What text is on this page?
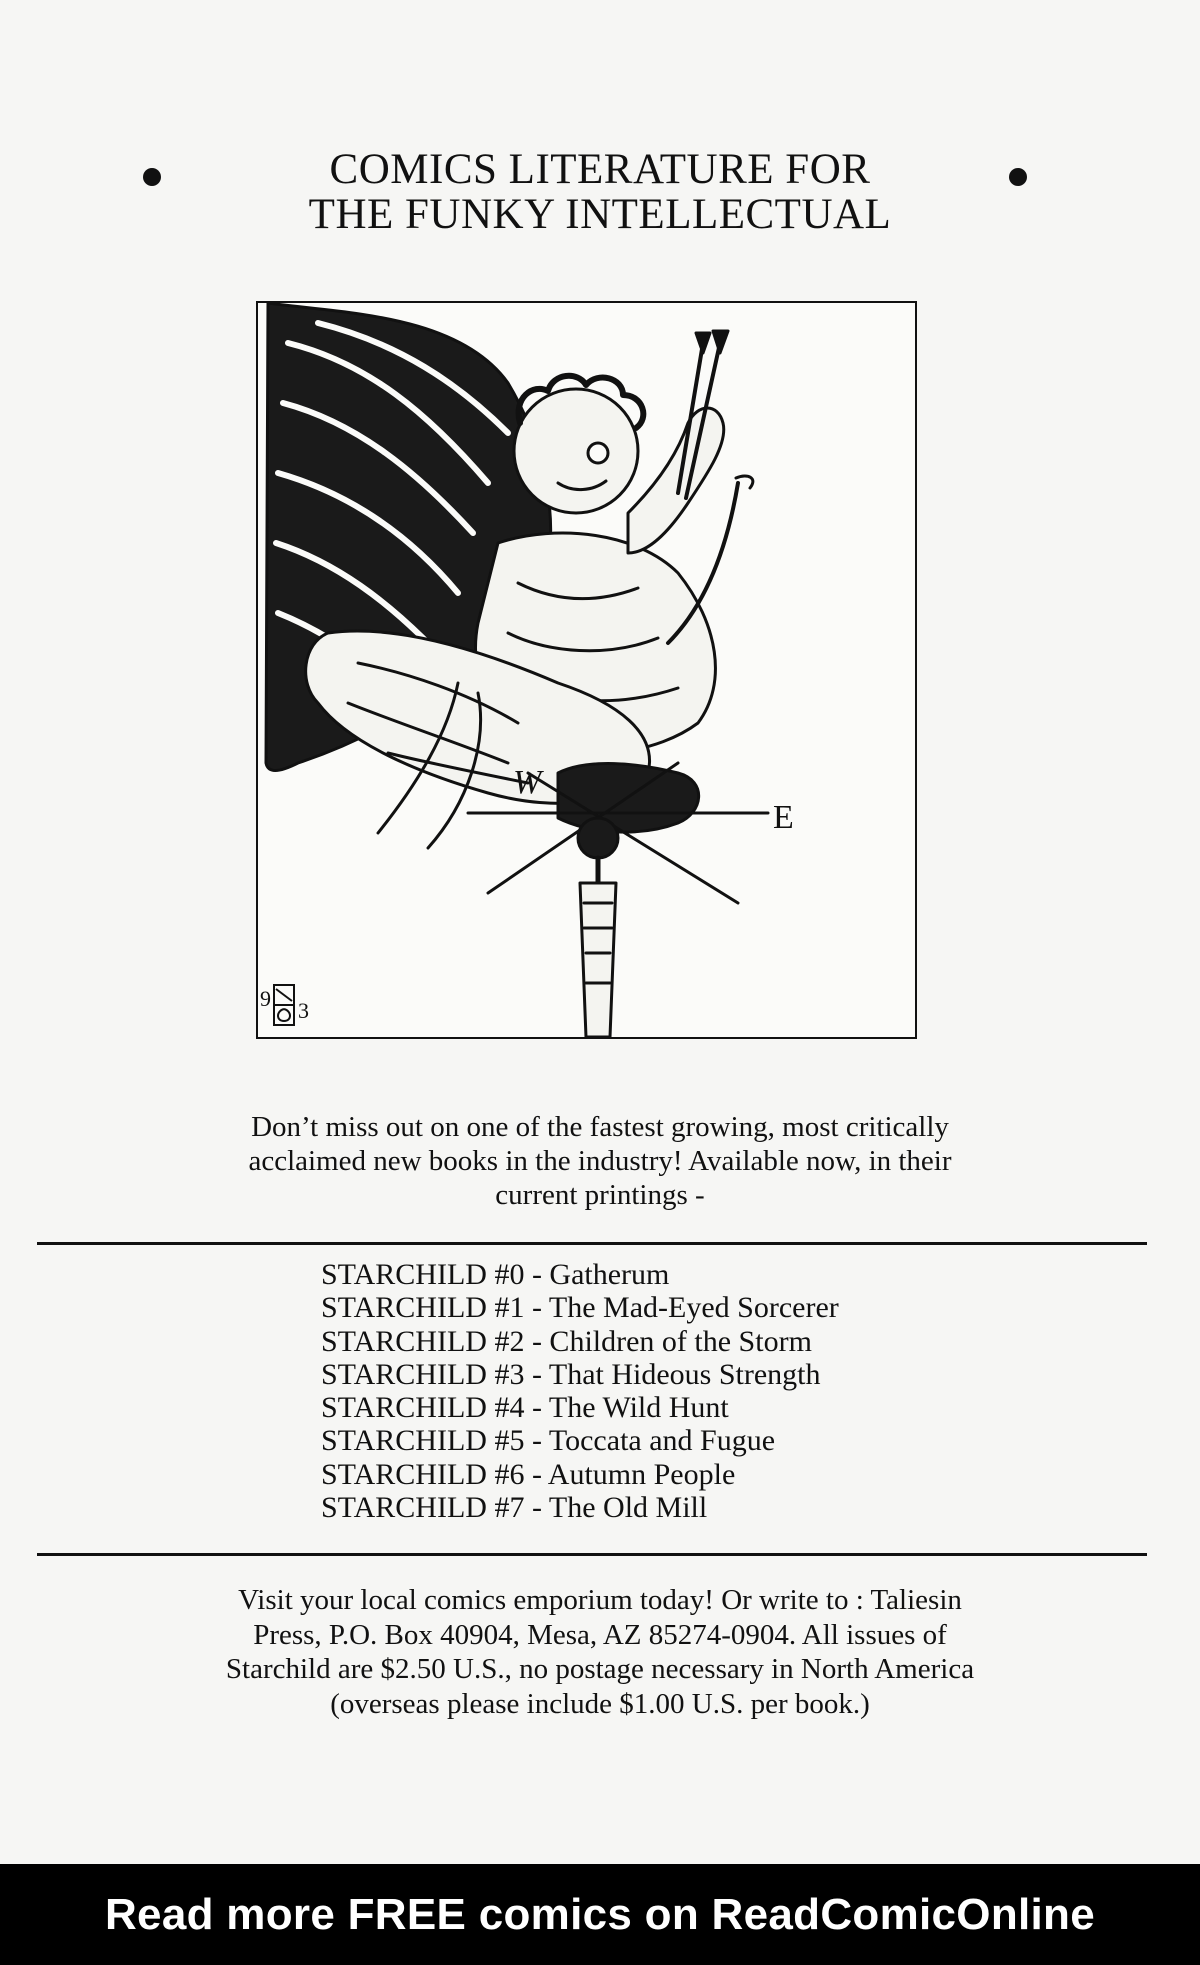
COMICS LITERATURE FOR
THE FUNKY INTELLECTUAL
W
E
9 3
Don’t miss out on one of the fastest growing, most critically
acclaimed new books in the industry! Available now, in their
current printings -
STARCHILD #0 - Gatherum
STARCHILD #1 - The Mad-Eyed Sorcerer
STARCHILD #2 - Children of the Storm
STARCHILD #3 - That Hideous Strength
STARCHILD #4 - The Wild Hunt
STARCHILD #5 - Toccata and Fugue
STARCHILD #6 - Autumn People
STARCHILD #7 - The Old Mill
Visit your local comics emporium today! Or write to : Taliesin
Press, P.O. Box 40904, Mesa, AZ 85274-0904. All issues of
Starchild are $2.50 U.S., no postage necessary in North America
(overseas please include $1.00 U.S. per book.)
Read more FREE comics on ReadComicOnline
